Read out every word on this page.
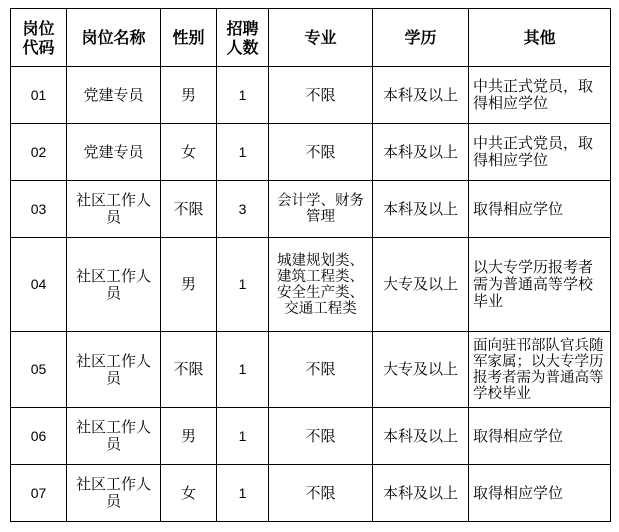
岗位代码	岗位名称	性别	招聘人数	专业	学历	其他
01	党建专员	男	1	不限	本科及以上	中共正式党员，取得相应学位
02	党建专员	女	1	不限	本科及以上	中共正式党员，取得相应学位
03	社区工作人员	不限	3	会计学、财务管理	本科及以上	取得相应学位
04	社区工作人员	男	1	城建规划类、建筑工程类、安全生产类、交通工程类	大专及以上	以大专学历报考者需为普通高等学校毕业
05	社区工作人员	不限	1	不限	大专及以上	面向驻邗部队官兵随军家属；以大专学历报考者需为普通高等学校毕业
06	社区工作人员	男	1	不限	本科及以上	取得相应学位
07	社区工作人员	女	1	不限	本科及以上	取得相应学位
